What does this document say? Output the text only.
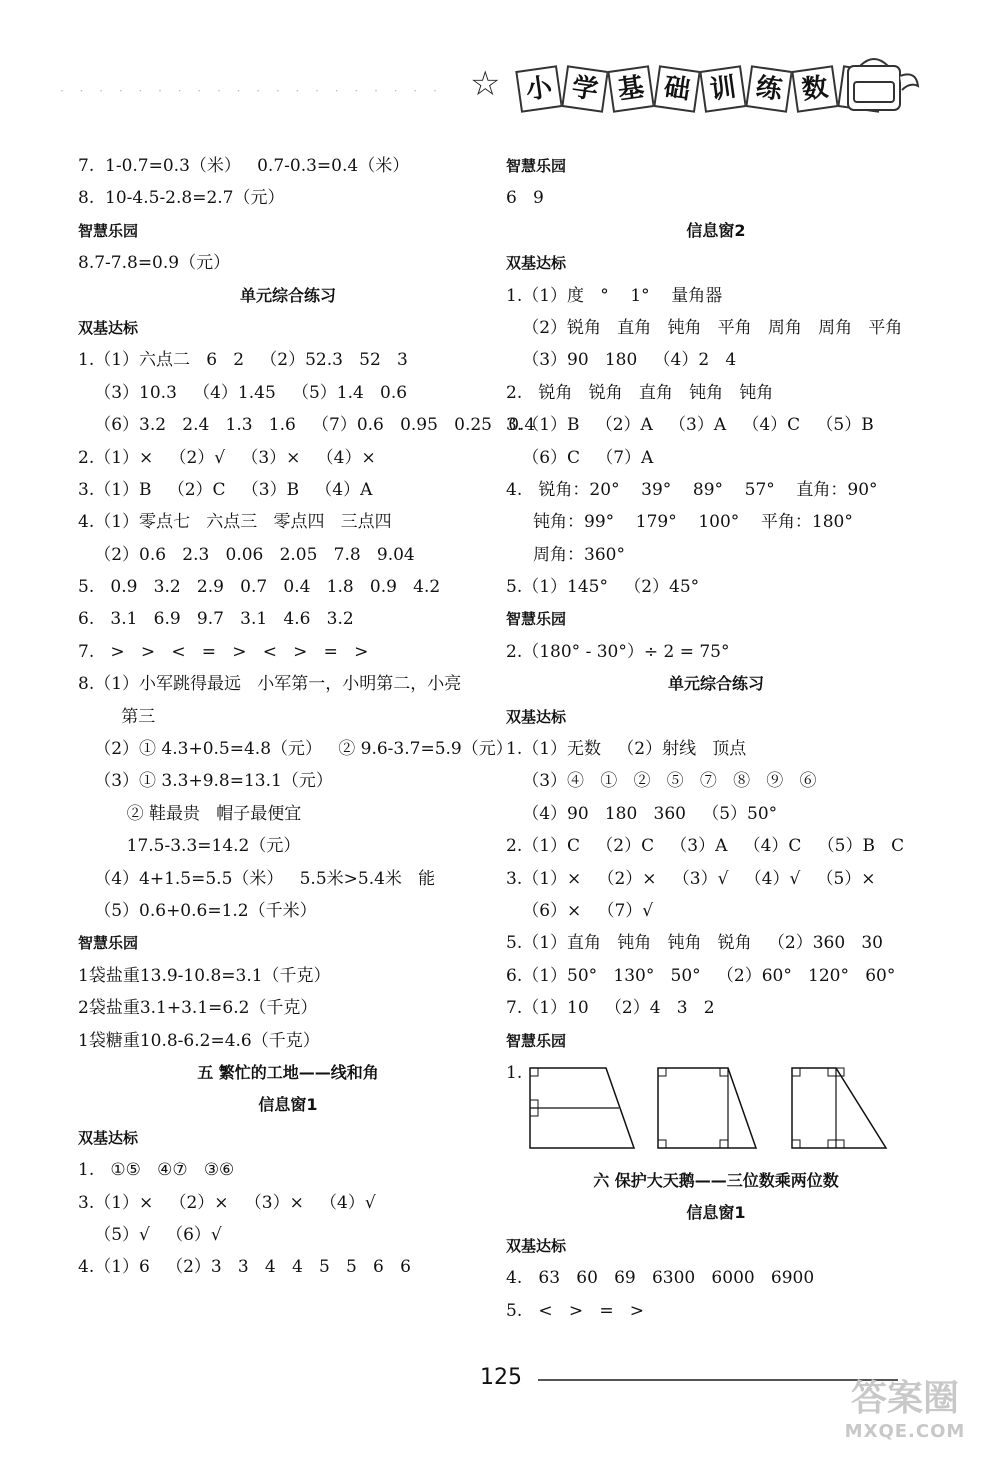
☆ 小 学 基 础 训 练 数
· · · · · · · · · · · · · · · · · · · ·
7.  1-0.7=0.3（米）   0.7-0.3=0.4（米）
8.  10-4.5-2.8=2.7（元）
智慧乐园
8.7-7.8=0.9（元）
单元综合练习
双基达标
1.（1）六点二   6   2   （2）52.3   52   3
（3）10.3   （4）1.45   （5）1.4   0.6
（6）3.2   2.4   1.3   1.6   （7）0.6   0.95   0.25   0.4
2.（1）×   （2）√   （3）×   （4）×
3.（1）B   （2）C   （3）B   （4）A
4.（1）零点七   六点三   零点四   三点四
（2）0.6   2.3   0.06   2.05   7.8   9.04
5.   0.9   3.2   2.9   0.7   0.4   1.8   0.9   4.2
6.   3.1   6.9   9.7   3.1   4.6   3.2
7.   >   >   <   =   >   <   >   =   >
8.（1）小军跳得最远   小军第一，小明第二，小亮
第三
（2）① 4.3+0.5=4.8（元）   ② 9.6-3.7=5.9（元）
（3）① 3.3+9.8=13.1（元）
② 鞋最贵   帽子最便宜
17.5-3.3=14.2（元）
（4）4+1.5=5.5（米）   5.5米>5.4米   能
（5）0.6+0.6=1.2（千米）
智慧乐园
1袋盐重13.9-10.8=3.1（千克）
2袋盐重3.1+3.1=6.2（千克）
1袋糖重10.8-6.2=4.6（千克）
五 繁忙的工地——线和角
信息窗1
双基达标
1.   ①⑤   ④⑦   ③⑥
3.（1）×   （2）×   （3）×   （4）√
（5）√   （6）√
4.（1）6   （2）3   3   4   4   5   5   6   6
智慧乐园
6   9
信息窗2
双基达标
1.（1）度   °    1°    量角器
（2）锐角   直角   钝角   平角   周角   周角   平角
（3）90   180   （4）2   4
2.   锐角   锐角   直角   钝角   钝角
3.（1）B   （2）A   （3）A   （4）C   （5）B
（6）C   （7）A
4.   锐角：20°    39°    89°    57°    直角：90°
钝角：99°    179°    100°    平角：180°
周角：360°
5.（1）145°   （2）45°
智慧乐园
2.（180° - 30°）÷ 2 = 75°
单元综合练习
双基达标
1.（1）无数   （2）射线   顶点
（3）④   ①   ②   ⑤   ⑦   ⑧   ⑨   ⑥
（4）90   180   360   （5）50°
2.（1）C   （2）C   （3）A   （4）C   （5）B   C
3.（1）×   （2）×   （3）√   （4）√   （5）×
（6）×   （7）√
5.（1）直角   钝角   钝角   锐角   （2）360   30
6.（1）50°   130°   50°   （2）60°   120°   60°
7.（1）10   （2）4   3   2
智慧乐园
1.
六 保护大天鹅——三位数乘两位数
信息窗1
双基达标
4.   63   60   69   6300   6000   6900
5.   <   >   =   >
125
答案圈
MXQE.COM
